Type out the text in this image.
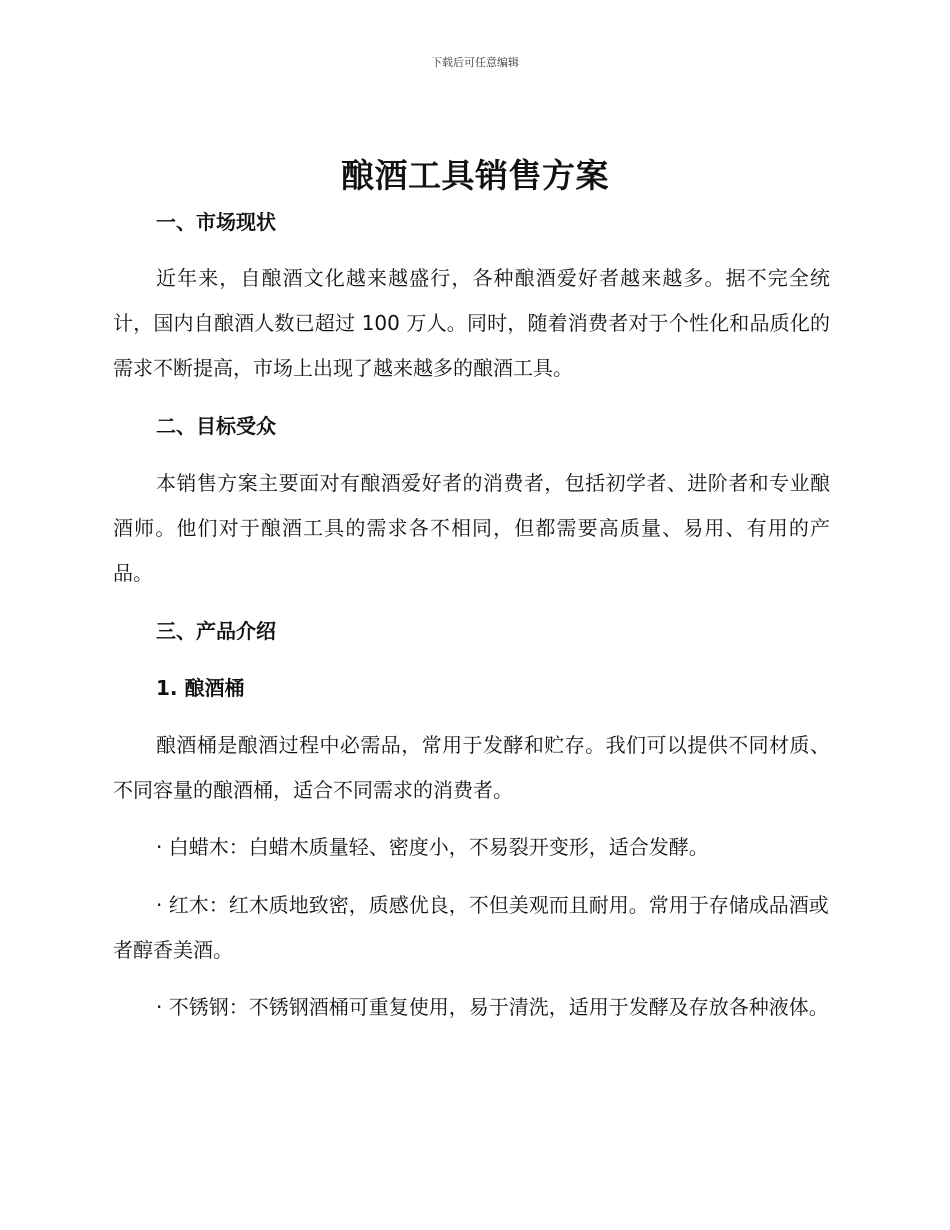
下载后可任意编辑
酿酒工具销售方案

一、市场现状

近年来，自酿酒文化越来越盛行，各种酿酒爱好者越来越多。据不完全统计，国内自酿酒人数已超过 100 万人。同时，随着消费者对于个性化和品质化的需求不断提高，市场上出现了越来越多的酿酒工具。

二、目标受众

本销售方案主要面对有酿酒爱好者的消费者，包括初学者、进阶者和专业酿酒师。他们对于酿酒工具的需求各不相同，但都需要高质量、易用、有用的产品。

三、产品介绍

1. 酿酒桶

酿酒桶是酿酒过程中必需品，常用于发酵和贮存。我们可以提供不同材质、不同容量的酿酒桶，适合不同需求的消费者。

· 白蜡木：白蜡木质量轻、密度小，不易裂开变形，适合发酵。

· 红木：红木质地致密，质感优良，不但美观而且耐用。常用于存储成品酒或者醇香美酒。

· 不锈钢：不锈钢酒桶可重复使用，易于清洗，适用于发酵及存放各种液体。
